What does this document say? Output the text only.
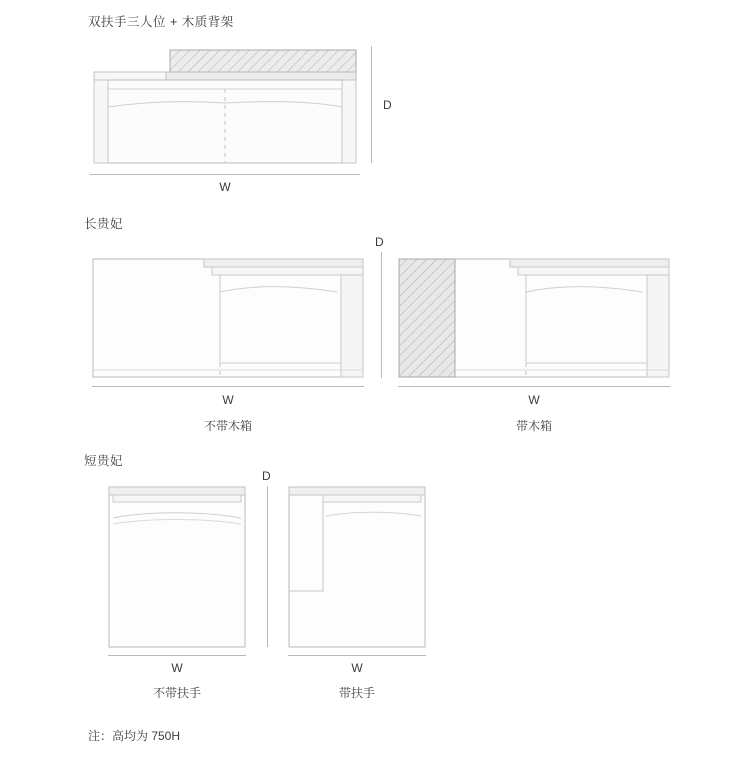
双扶手三人位 + 木质背架
D
W
长贵妃
D
W
不带木箱
W
带木箱
短贵妃
D
W
不带扶手
W
带扶手
注：高均为 750H
